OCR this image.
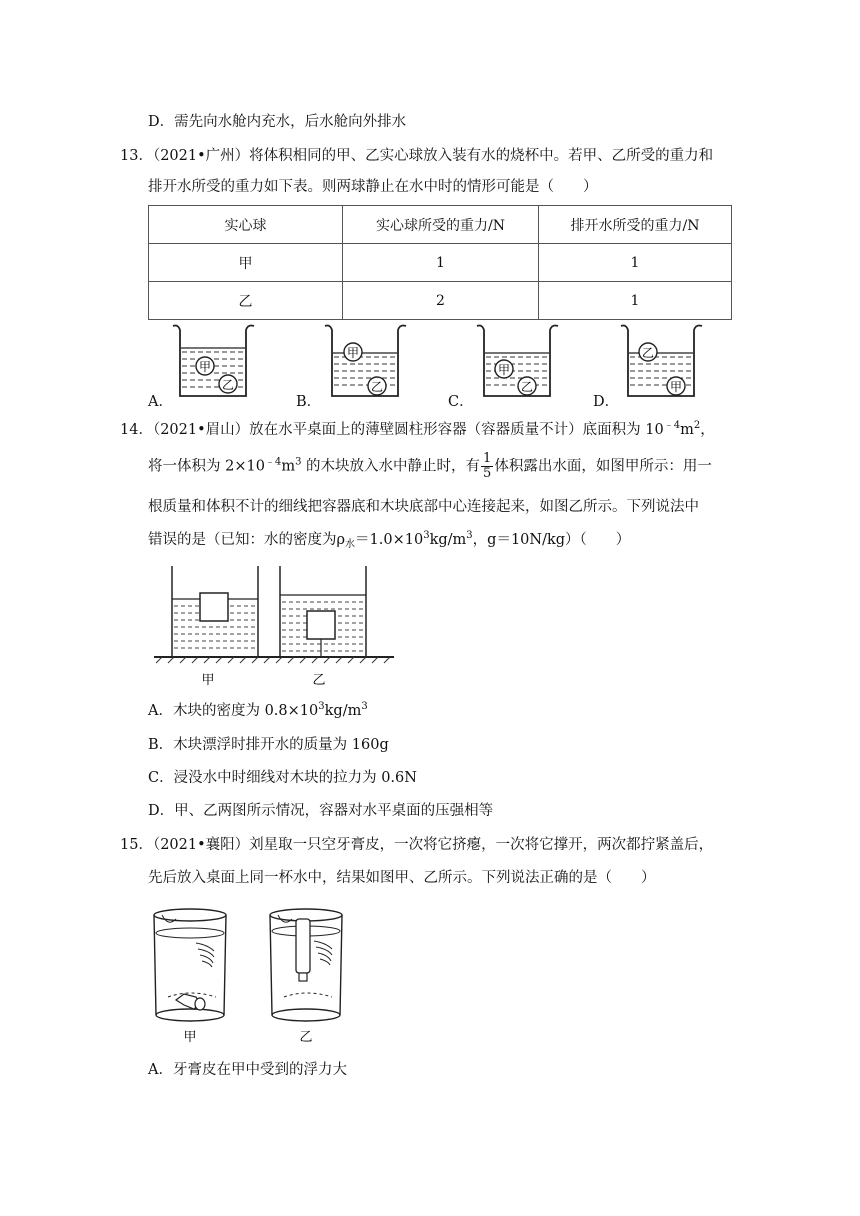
D．需先向水舱内充水，后水舱向外排水
13．（2021•广州）将体积相同的甲、乙实心球放入装有水的烧杯中。若甲、乙所受的重力和
排开水所受的重力如下表。则两球静止在水中时的情形可能是（　　）
实心球	实心球所受的重力/N	排开水所受的重力/N
甲	1	1
乙	2	1
A．	B．	C．	D．
甲
乙
甲
乙
甲
乙
乙
甲
14．（2021•眉山）放在水平桌面上的薄壁圆柱形容器（容器质量不计）底面积为 $10^{﹣4}m^2$，
将一体积为 $2\times 10^{﹣4}m^3$ 的木块放入水中静止时，有 $\frac{1}{5}$ 体积露出水面，如图甲所示：用一
根质量和体积不计的细线把容器底和木块底部中心连接起来，如图乙所示。下列说法中
错误的是（已知：水的密度为$\rho_水=1.0\times 10^3kg/m^3$，g＝10N/kg）（　　）
甲	乙
A．木块的密度为 $0.8\times 10^3kg/m^3$
B．木块漂浮时排开水的质量为 160g
C．浸没水中时细线对木块的拉力为 0.6N
D．甲、乙两图所示情况，容器对水平桌面的压强相等
15．（2021•襄阳）刘星取一只空牙膏皮，一次将它挤瘪，一次将它撑开，两次都拧紧盖后，
先后放入桌面上同一杯水中，结果如图甲、乙所示。下列说法正确的是（　　）
甲	乙
A．牙膏皮在甲中受到的浮力大
